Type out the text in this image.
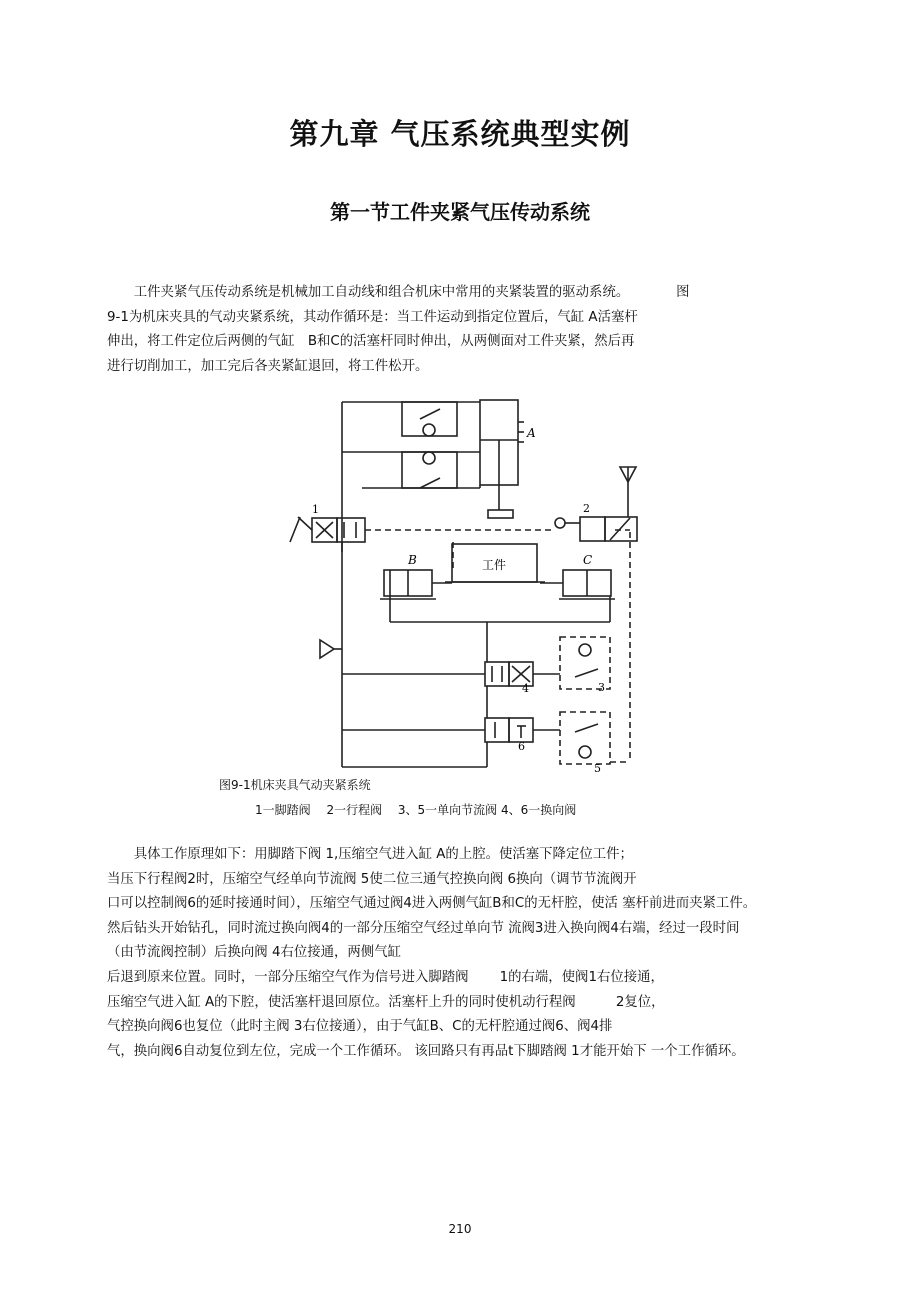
第九章 气压系统典型实例
第一节工件夹紧气压传动系统
　　工件夹紧气压传动系统是机械加工自动线和组合机床中常用的夹紧装置的驱动系统。　　　　图
9-1为机床夹具的气动夹紧系统，其动作循环是：当工件运动到指定位置后，气缸 A活塞杆
伸出，将工件定位后两侧的气缸　B和C的活塞杆同时伸出，从两侧面对工件夹紧，然后再
进行切削加工，加工完后各夹紧缸退回，将工件松开。
A
B	C
工件
1	2
3
4
5
6
图9-1机床夹具气动夹紧系统
1一脚踏阀　 2一行程阀　 3、5一单向节流阀 4、6一换向阀
　　具体工作原理如下：用脚踏下阀 1,压缩空气进入缸 A的上腔。使活塞下降定位工件；
当压下行程阀2时，压缩空气经单向节流阀 5使二位三通气控换向阀 6换向（调节节流阀开
口可以控制阀6的延时接通时间），压缩空气通过阀4进入两侧气缸B和C的无杆腔，使活 塞杆前进而夹紧工件。
然后钻头开始钻孔，同时流过换向阀4的一部分压缩空气经过单向节 流阀3进入换向阀4右端，经过一段时间
（由节流阀控制）后换向阀 4右位接通，两侧气缸
后退到原来位置。同时，一部分压缩空气作为信号进入脚踏阀　　 1的右端，使阀1右位接通，
压缩空气进入缸 A的下腔，使活塞杆退回原位。活塞杆上升的同时使机动行程阀　　　2复位，
气控换向阀6也复位（此时主阀 3右位接通），由于气缸B、C的无杆腔通过阀6、阀4排
气，换向阀6自动复位到左位，完成一个工作循环。 该回路只有再品t下脚踏阀 1才能开始下 一个工作循环。
210
